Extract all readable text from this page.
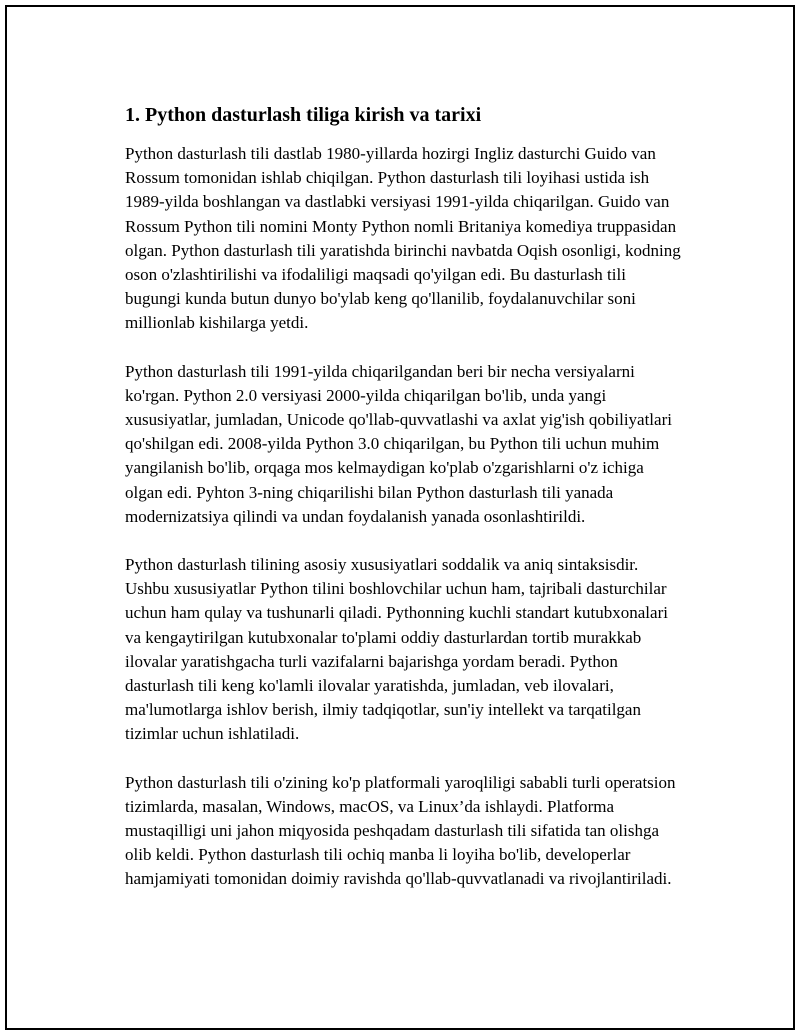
1. Python dasturlash tiliga kirish va tarixi

Python dasturlash tili dastlab 1980-yillarda hozirgi Ingliz dasturchi Guido van Rossum tomonidan ishlab chiqilgan. Python dasturlash tili loyihasi ustida ish 1989-yilda boshlangan va dastlabki versiyasi 1991-yilda chiqarilgan. Guido van Rossum Python tili nomini Monty Python nomli Britaniya komediya truppasidan olgan. Python dasturlash tili yaratishda birinchi navbatda Oqish osonligi, kodning oson o'zlashtirilishi va ifodaliligi maqsadi qo'yilgan edi. Bu dasturlash tili bugungi kunda butun dunyo bo'ylab keng qo'llanilib, foydalanuvchilar soni millionlab kishilarga yetdi.

Python dasturlash tili 1991-yilda chiqarilgandan beri bir necha versiyalarni ko'rgan. Python 2.0 versiyasi 2000-yilda chiqarilgan bo'lib, unda yangi xususiyatlar, jumladan, Unicode qo'llab-quvvatlashi va axlat yig'ish qobiliyatlari qo'shilgan edi. 2008-yilda Python 3.0 chiqarilgan, bu Python tili uchun muhim yangilanish bo'lib, orqaga mos kelmaydigan ko'plab o'zgarishlarni o'z ichiga olgan edi. Pyhton 3-ning chiqarilishi bilan Python dasturlash tili yanada modernizatsiya qilindi va undan foydalanish yanada osonlashtirildi.

Python dasturlash tilining asosiy xususiyatlari soddalik va aniq sintaksisdir. Ushbu xususiyatlar Python tilini boshlovchilar uchun ham, tajribali dasturchilar uchun ham qulay va tushunarli qiladi. Pythonning kuchli standart kutubxonalari va kengaytirilgan kutubxonalar to'plami oddiy dasturlardan tortib murakkab ilovalar yaratishgacha turli vazifalarni bajarishga yordam beradi. Python dasturlash tili keng ko'lamli ilovalar yaratishda, jumladan, veb ilovalari, ma'lumotlarga ishlov berish, ilmiy tadqiqotlar, sun'iy intellekt va tarqatilgan tizimlar uchun ishlatiladi.

Python dasturlash tili o'zining ko'p platformali yaroqliligi sababli turli operatsion tizimlarda, masalan, Windows, macOS, va Linux’da ishlaydi. Platforma mustaqilligi uni jahon miqyosida peshqadam dasturlash tili sifatida tan olishga olib keldi. Python dasturlash tili ochiq manba li loyiha bo'lib, developerlar hamjamiyati tomonidan doimiy ravishda qo'llab-quvvatlanadi va rivojlantiriladi.
